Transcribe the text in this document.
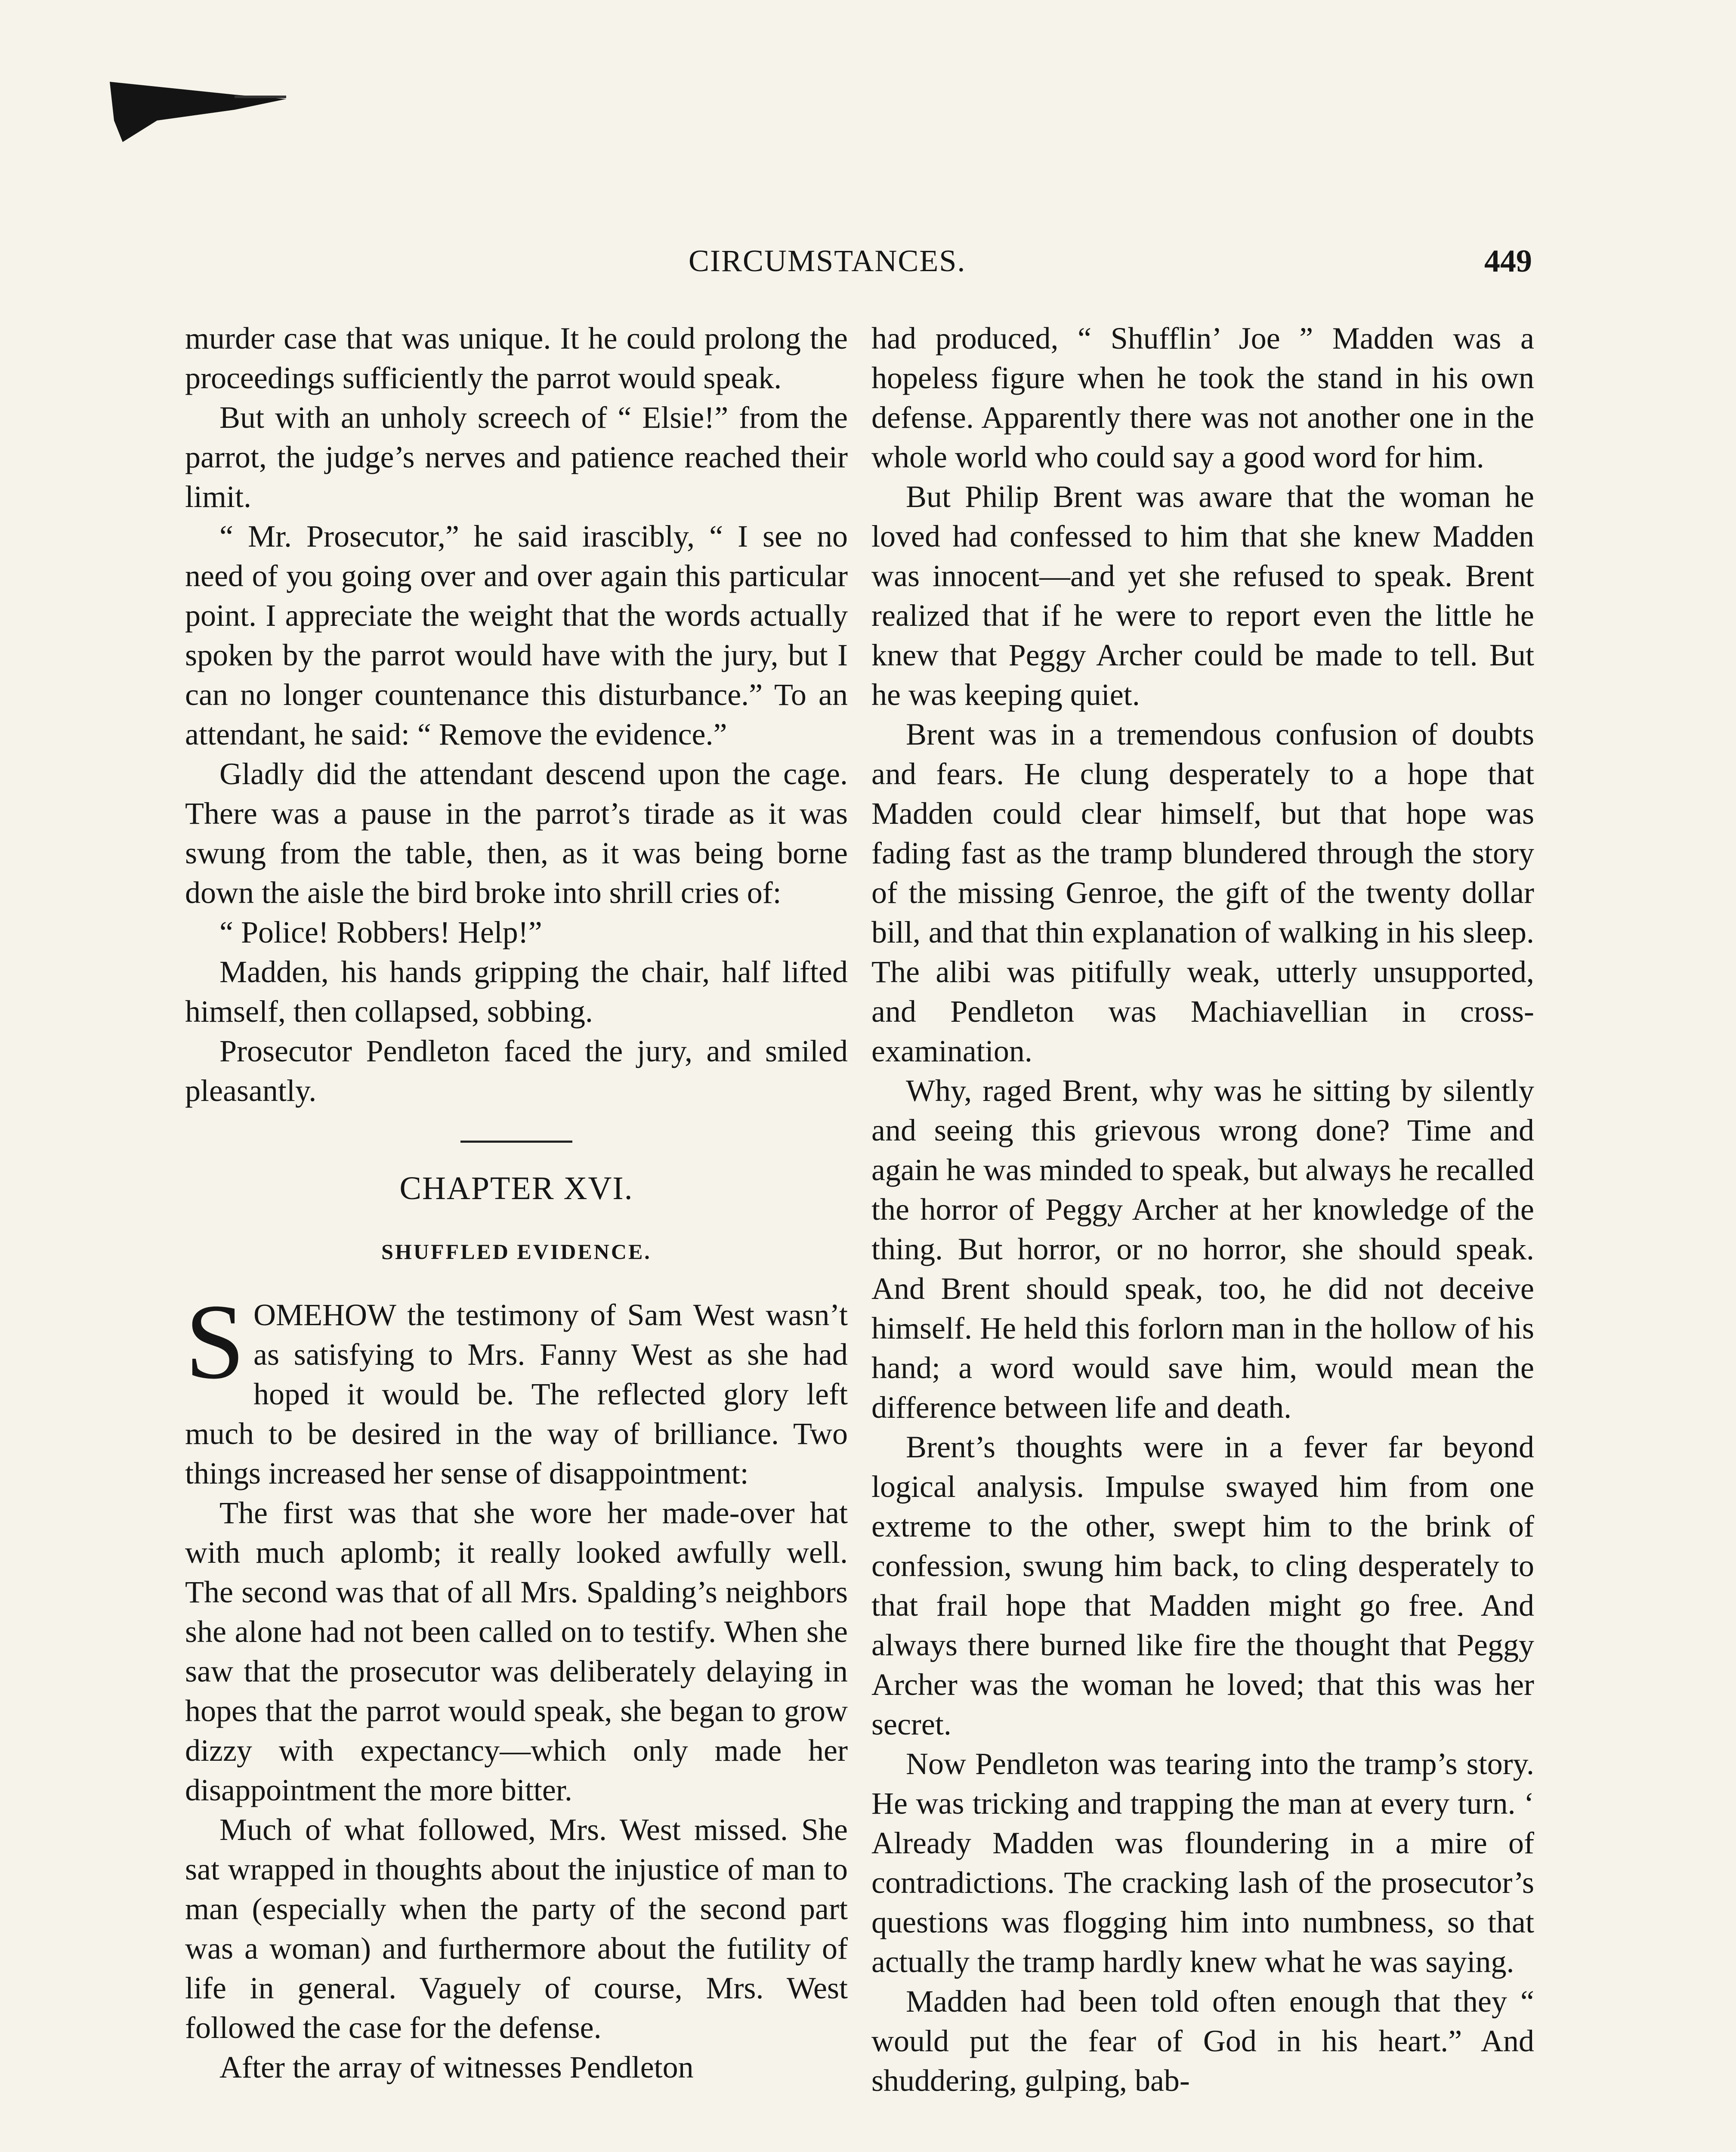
CIRCUMSTANCES.	449

murder case that was unique. It he could prolong the proceedings sufficiently the parrot would speak.

But with an unholy screech of “ Elsie!” from the parrot, the judge’s nerves and patience reached their limit.

“ Mr. Prosecutor,” he said irascibly, “ I see no need of you going over and over again this particular point. I appreciate the weight that the words actually spoken by the parrot would have with the jury, but I can no longer countenance this disturbance.” To an attendant, he said: “ Remove the evidence.”

Gladly did the attendant descend upon the cage. There was a pause in the parrot’s tirade as it was swung from the table, then, as it was being borne down the aisle the bird broke into shrill cries of:

“ Police! Robbers! Help!”

Madden, his hands gripping the chair, half lifted himself, then collapsed, sobbing.

Prosecutor Pendleton faced the jury, and smiled pleasantly.

CHAPTER XVI.
SHUFFLED EVIDENCE.

SOMEHOW the testimony of Sam West wasn’t as satisfying to Mrs. Fanny West as she had hoped it would be. The reflected glory left much to be desired in the way of brilliance. Two things increased her sense of disappointment:

The first was that she wore her made-over hat with much aplomb; it really looked awfully well. The second was that of all Mrs. Spalding’s neighbors she alone had not been called on to testify. When she saw that the prosecutor was deliberately delaying in hopes that the parrot would speak, she began to grow dizzy with expectancy—which only made her disappointment the more bitter.

Much of what followed, Mrs. West missed. She sat wrapped in thoughts about the injustice of man to man (especially when the party of the second part was a woman) and furthermore about the futility of life in general. Vaguely of course, Mrs. West followed the case for the defense.

After the array of witnesses Pendleton

had produced, “ Shufflin’ Joe ” Madden was a hopeless figure when he took the stand in his own defense. Apparently there was not another one in the whole world who could say a good word for him.

But Philip Brent was aware that the woman he loved had confessed to him that she knew Madden was innocent—and yet she refused to speak. Brent realized that if he were to report even the little he knew that Peggy Archer could be made to tell. But he was keeping quiet.

Brent was in a tremendous confusion of doubts and fears. He clung desperately to a hope that Madden could clear himself, but that hope was fading fast as the tramp blundered through the story of the missing Genroe, the gift of the twenty dollar bill, and that thin explanation of walking in his sleep. The alibi was pitifully weak, utterly unsupported, and Pendleton was Machiavellian in cross-examination.

Why, raged Brent, why was he sitting by silently and seeing this grievous wrong done? Time and again he was minded to speak, but always he recalled the horror of Peggy Archer at her knowledge of the thing. But horror, or no horror, she should speak. And Brent should speak, too, he did not deceive himself. He held this forlorn man in the hollow of his hand; a word would save him, would mean the difference between life and death.

Brent’s thoughts were in a fever far beyond logical analysis. Impulse swayed him from one extreme to the other, swept him to the brink of confession, swung him back, to cling desperately to that frail hope that Madden might go free. And always there burned like fire the thought that Peggy Archer was the woman he loved; that this was her secret.

Now Pendleton was tearing into the tramp’s story. He was tricking and trapping the man at every turn. ‘ Already Madden was floundering in a mire of contradictions. The cracking lash of the prosecutor’s questions was flogging him into numbness, so that actually the tramp hardly knew what he was saying.

Madden had been told often enough that they “ would put the fear of God in his heart.” And shuddering, gulping, bab-
